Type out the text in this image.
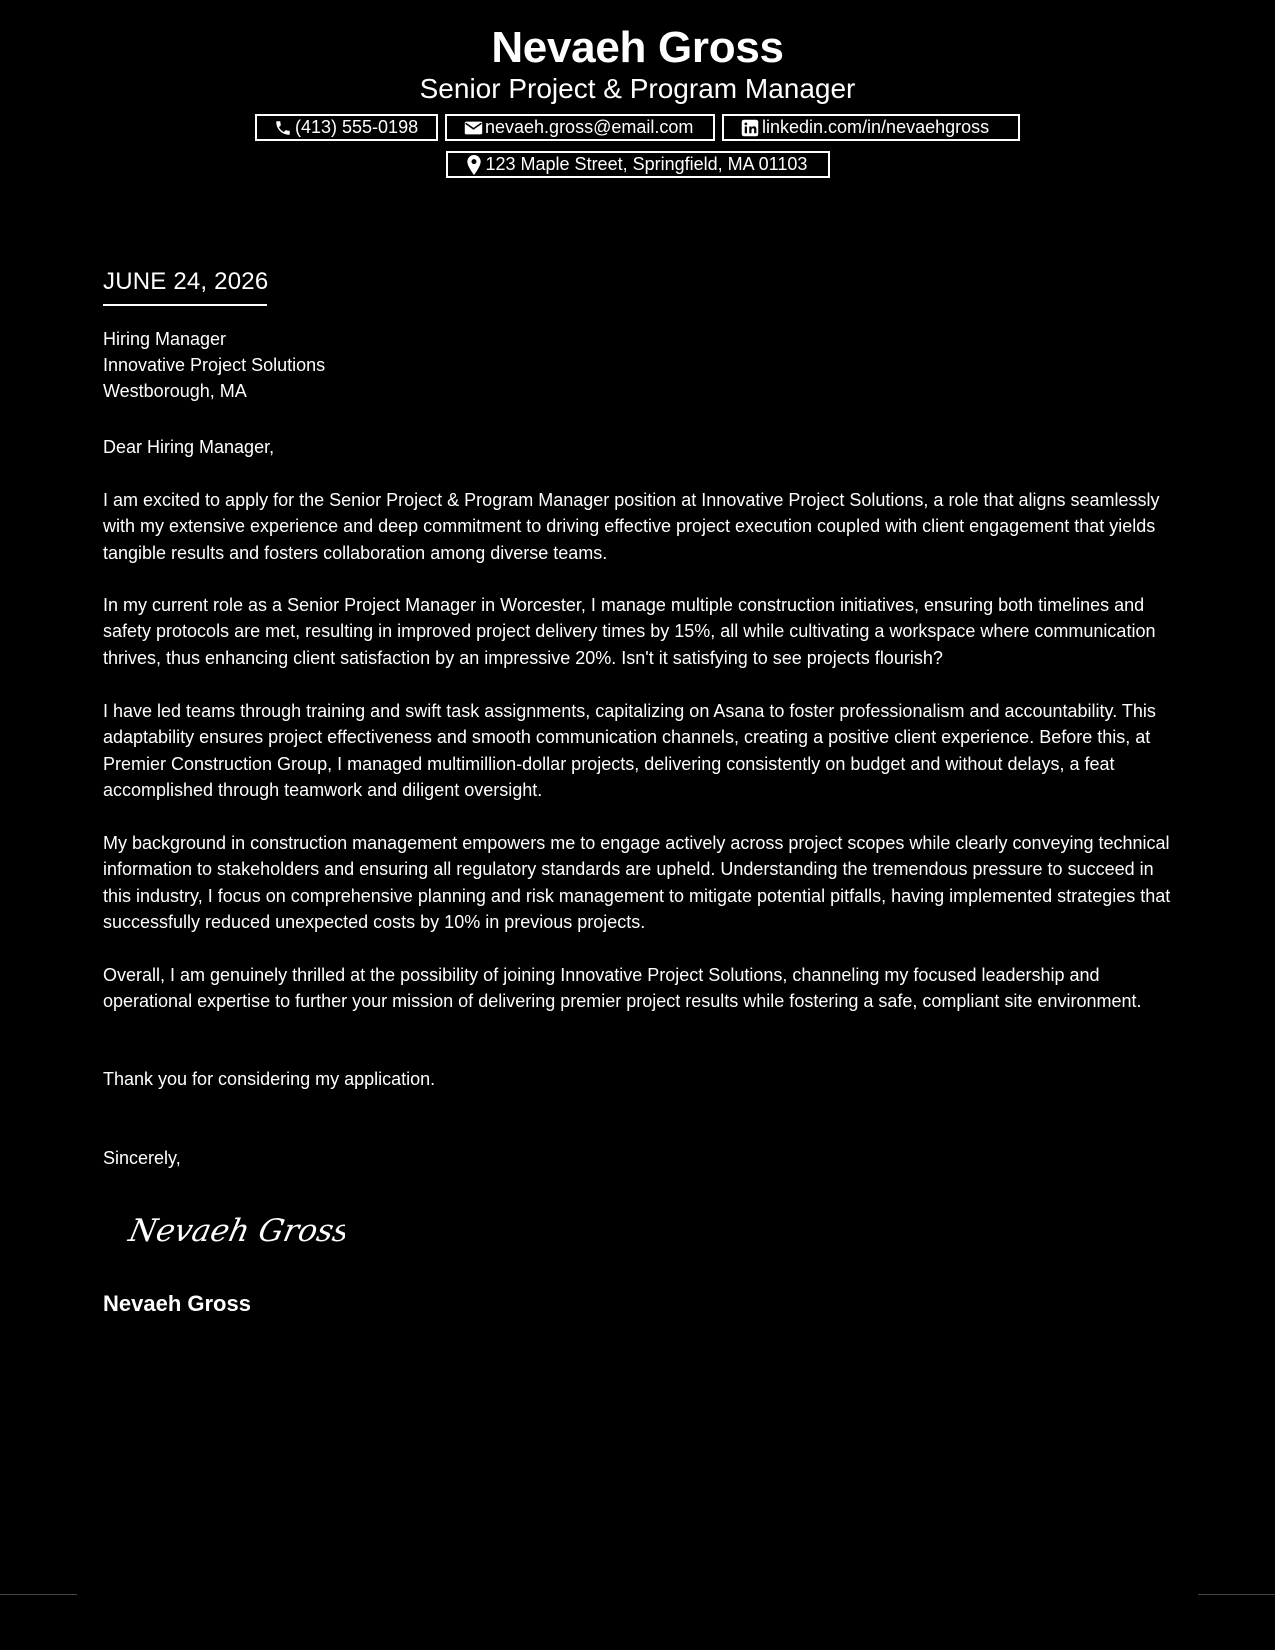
Nevaeh Gross
Senior Project & Program Manager
(413) 555-0198	nevaeh.gross@email.com	linkedin.com/in/nevaehgross
123 Maple Street, Springfield, MA 01103
JUNE 24, 2026
Hiring Manager
Innovative Project Solutions
Westborough, MA
Dear Hiring Manager,
I am excited to apply for the Senior Project & Program Manager position at Innovative Project Solutions, a role that aligns seamlessly with my extensive experience and deep commitment to driving effective project execution coupled with client engagement that yields tangible results and fosters collaboration among diverse teams.
In my current role as a Senior Project Manager in Worcester, I manage multiple construction initiatives, ensuring both timelines and safety protocols are met, resulting in improved project delivery times by 15%, all while cultivating a workspace where communication thrives, thus enhancing client satisfaction by an impressive 20%. Isn't it satisfying to see projects flourish?
I have led teams through training and swift task assignments, capitalizing on Asana to foster professionalism and accountability. This adaptability ensures project effectiveness and smooth communication channels, creating a positive client experience. Before this, at Premier Construction Group, I managed multimillion-dollar projects, delivering consistently on budget and without delays, a feat accomplished through teamwork and diligent oversight.
My background in construction management empowers me to engage actively across project scopes while clearly conveying technical information to stakeholders and ensuring all regulatory standards are upheld. Understanding the tremendous pressure to succeed in this industry, I focus on comprehensive planning and risk management to mitigate potential pitfalls, having implemented strategies that successfully reduced unexpected costs by 10% in previous projects.
Overall, I am genuinely thrilled at the possibility of joining Innovative Project Solutions, channeling my focused leadership and operational expertise to further your mission of delivering premier project results while fostering a safe, compliant site environment.
Thank you for considering my application.
Sincerely,
Nevaeh Gross
Nevaeh Gross
